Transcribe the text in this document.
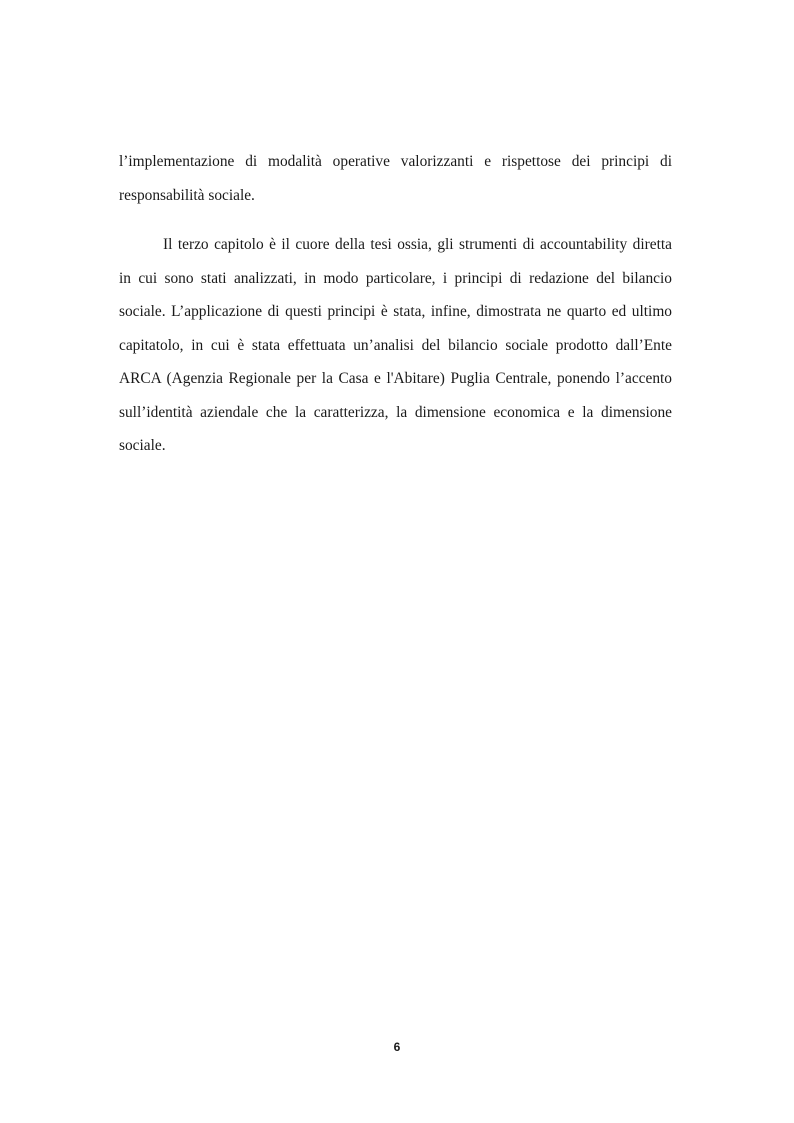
l’implementazione di modalità operative valorizzanti e rispettose dei principi di
responsabilità sociale.
Il terzo capitolo è il cuore della tesi ossia, gli strumenti di accountability diretta
in cui sono stati analizzati, in modo particolare, i principi di redazione del bilancio
sociale. L’applicazione di questi principi è stata, infine, dimostrata ne quarto ed ultimo
capitatolo, in cui è stata effettuata un’analisi del bilancio sociale prodotto dall’Ente
ARCA (Agenzia Regionale per la Casa e l'Abitare) Puglia Centrale, ponendo l’accento
sull’identità aziendale che la caratterizza, la dimensione economica e la dimensione
sociale.
6
